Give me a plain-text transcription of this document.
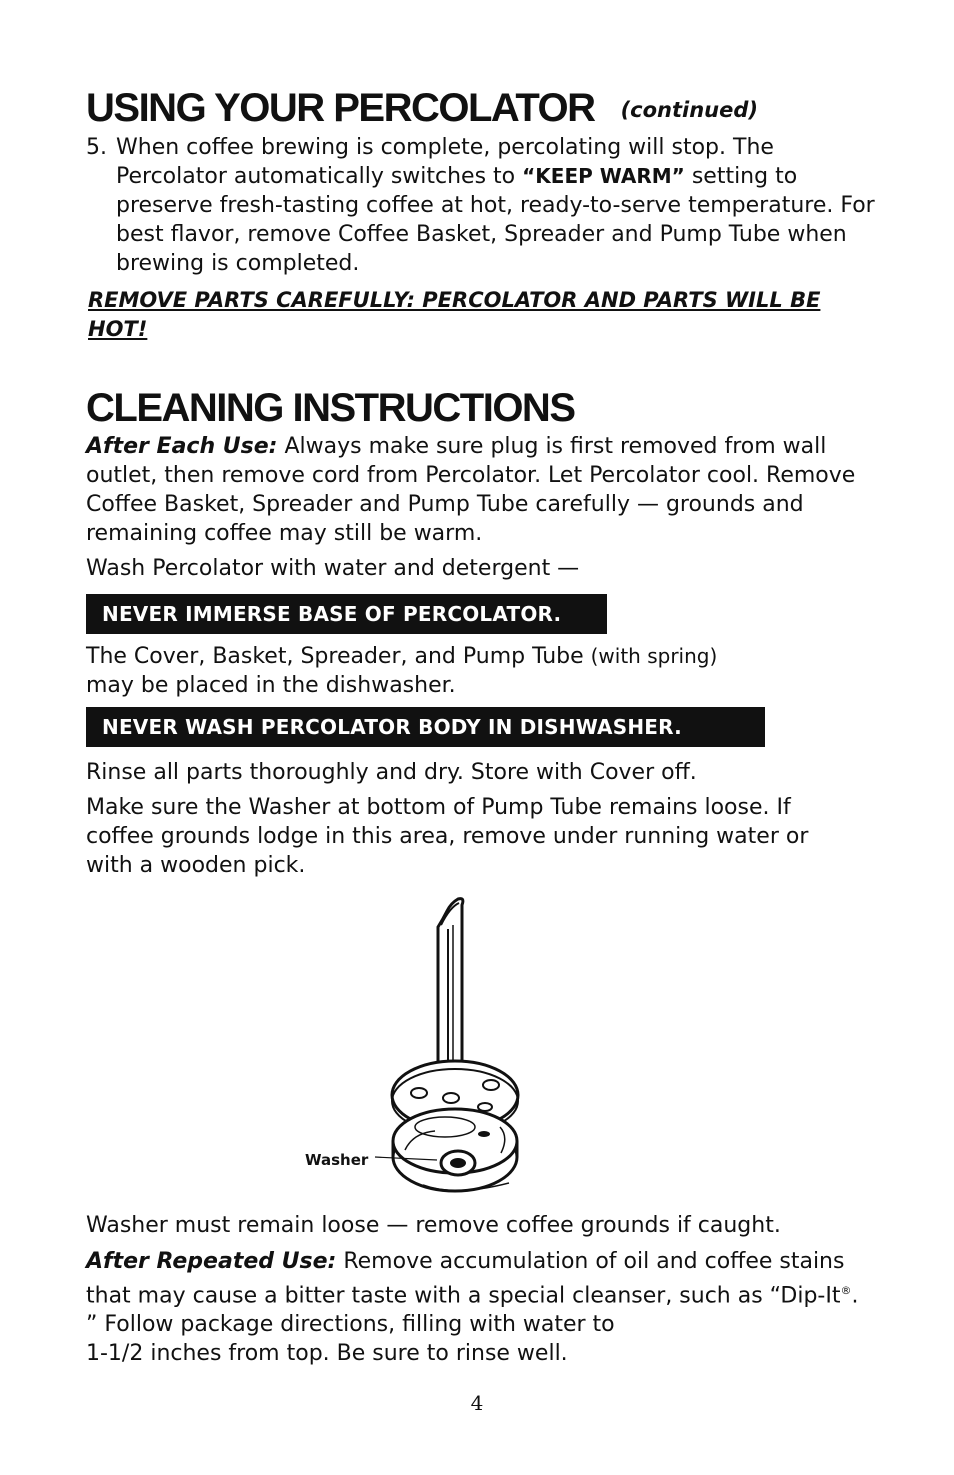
USING YOUR PERCOLATOR (continued)

5. When coffee brewing is complete, percolating will stop. The Percolator automatically switches to “KEEP WARM” setting to preserve fresh-tasting coffee at hot, ready-to-serve temperature. For best flavor, remove Coffee Basket, Spreader and Pump Tube when brewing is completed.

REMOVE PARTS CAREFULLY: PERCOLATOR AND PARTS WILL BE HOT!

CLEANING INSTRUCTIONS

After Each Use: Always make sure plug is first removed from wall outlet, then remove cord from Percolator. Let Percolator cool. Remove Coffee Basket, Spreader and Pump Tube carefully — grounds and remaining coffee may still be warm.

Wash Percolator with water and detergent —

NEVER IMMERSE BASE OF PERCOLATOR.

The Cover, Basket, Spreader, and Pump Tube (with spring)
may be placed in the dishwasher.

NEVER WASH PERCOLATOR BODY IN DISHWASHER.

Rinse all parts thoroughly and dry. Store with Cover off.

Make sure the Washer at bottom of Pump Tube remains loose. If coffee grounds lodge in this area, remove under running water or with a wooden pick.

Washer

Washer must remain loose — remove coffee grounds if caught.

After Repeated Use: Remove accumulation of oil and coffee stains that may cause a bitter taste with a special cleanser, such as “Dip-It®. ” Follow package directions, filling with water to
1-1/2 inches from top. Be sure to rinse well.

4
